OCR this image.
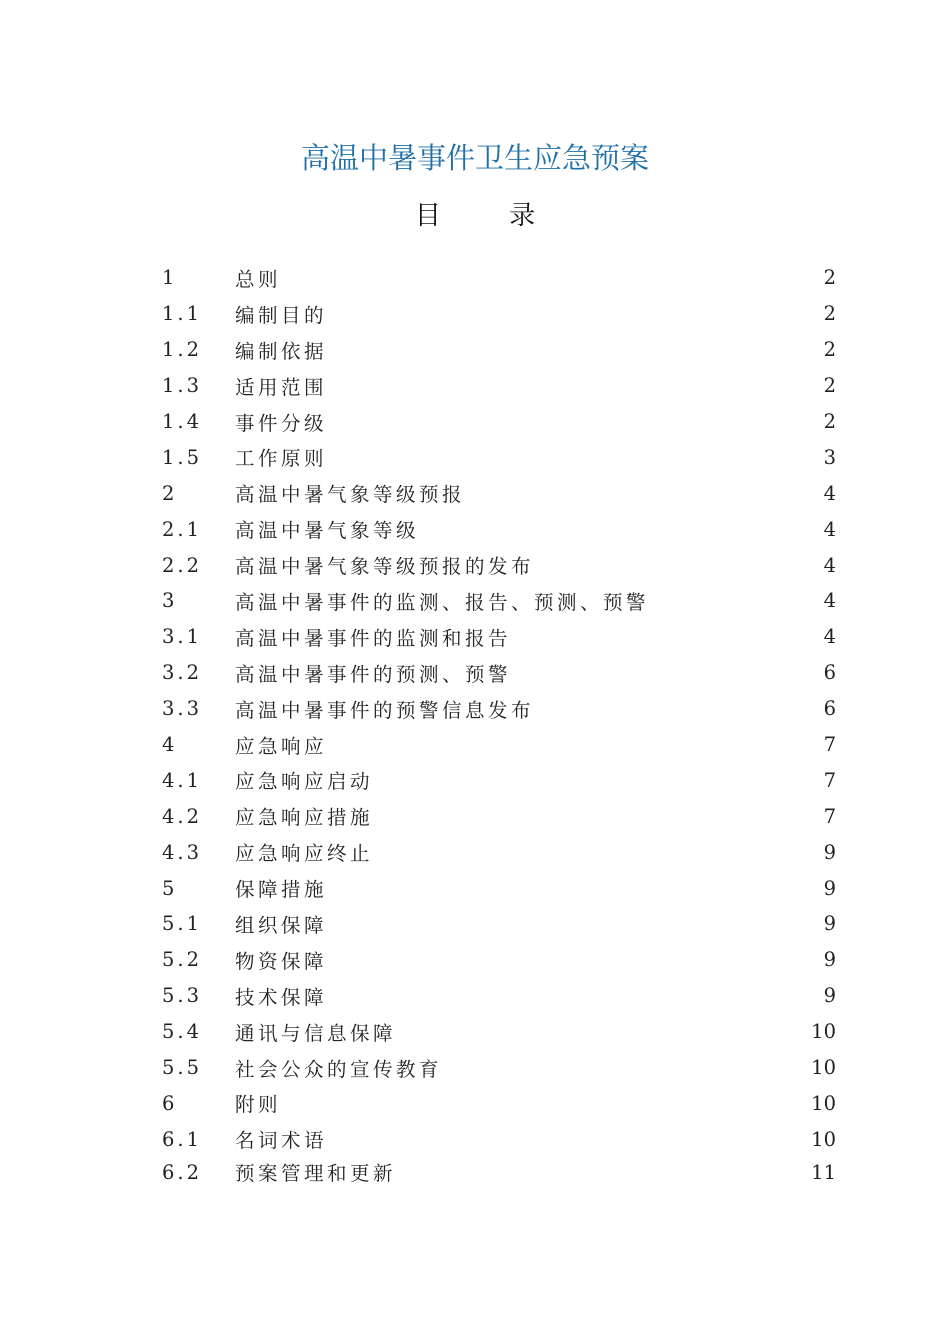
高温中暑事件卫生应急预案
目 录
1	总则	2
1.1	编制目的	2
1.2	编制依据	2
1.3	适用范围	2
1.4	事件分级	2
1.5	工作原则	3
2	高温中暑气象等级预报	4
2.1	高温中暑气象等级	4
2.2	高温中暑气象等级预报的发布	4
3	高温中暑事件的监测、报告、预测、预警	4
3.1	高温中暑事件的监测和报告	4
3.2	高温中暑事件的预测、预警	6
3.3	高温中暑事件的预警信息发布	6
4	应急响应	7
4.1	应急响应启动	7
4.2	应急响应措施	7
4.3	应急响应终止	9
5	保障措施	9
5.1	组织保障	9
5.2	物资保障	9
5.3	技术保障	9
5.4	通讯与信息保障	10
5.5	社会公众的宣传教育	10
6	附则	10
6.1	名词术语	10
6.2	预案管理和更新	11
